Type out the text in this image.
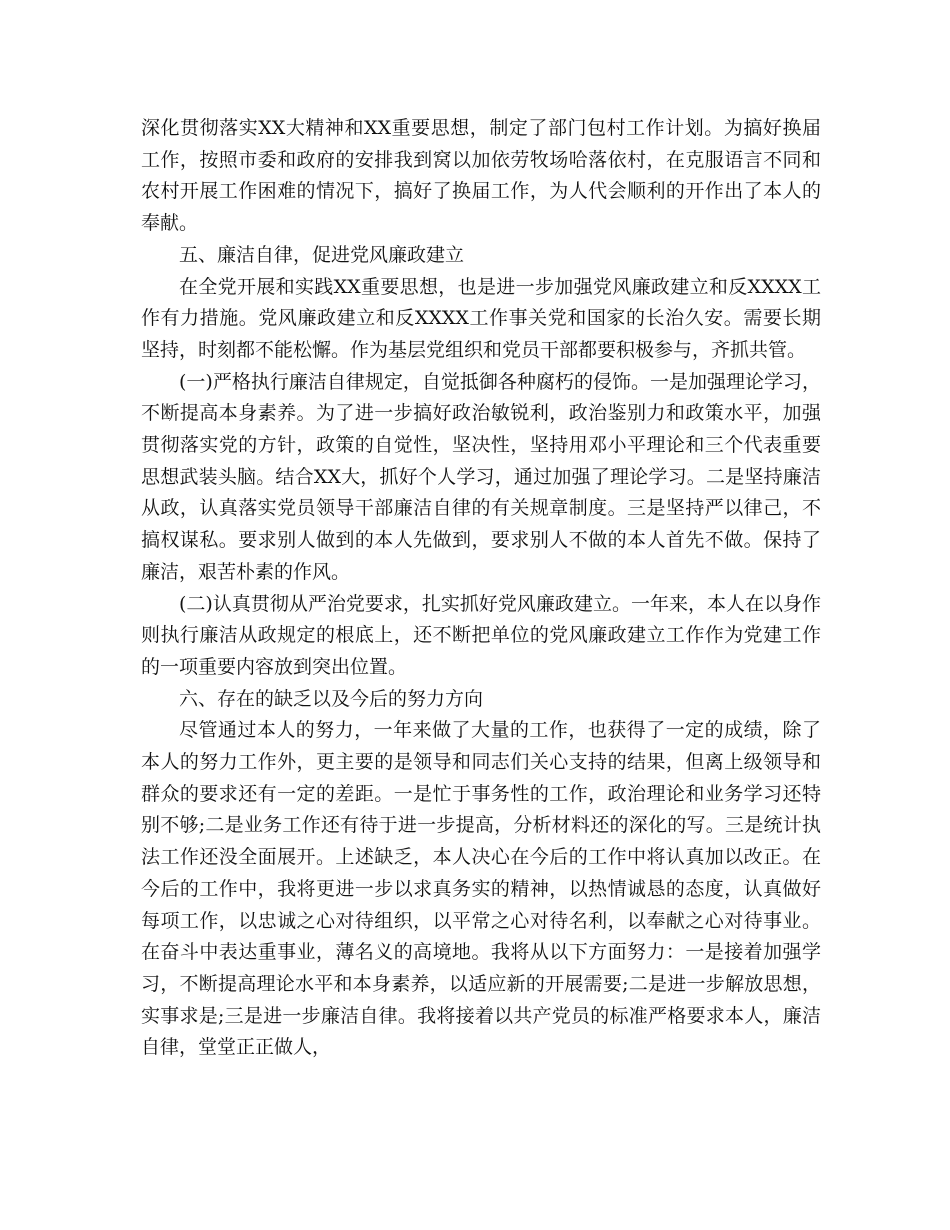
深化贯彻落实XX大精神和XX重要思想，制定了部门包村工作计划。为搞好换届工作，按照市委和政府的安排我到窝以加依劳牧场哈落依村，在克服语言不同和农村开展工作困难的情况下，搞好了换届工作，为人代会顺利的开作出了本人的奉献。

五、廉洁自律，促进党风廉政建立

在全党开展和实践XX重要思想，也是进一步加强党风廉政建立和反XXXX工作有力措施。党风廉政建立和反XXXX工作事关党和国家的长治久安。需要长期坚持，时刻都不能松懈。作为基层党组织和党员干部都要积极参与，齐抓共管。

(一)严格执行廉洁自律规定，自觉抵御各种腐朽的侵饰。一是加强理论学习，不断提高本身素养。为了进一步搞好政治敏锐利，政治鉴别力和政策水平，加强贯彻落实党的方针，政策的自觉性，坚决性，坚持用邓小平理论和三个代表重要思想武装头脑。结合XX大，抓好个人学习，通过加强了理论学习。二是坚持廉洁从政，认真落实党员领导干部廉洁自律的有关规章制度。三是坚持严以律己，不搞权谋私。要求别人做到的本人先做到，要求别人不做的本人首先不做。保持了廉洁，艰苦朴素的作风。

(二)认真贯彻从严治党要求，扎实抓好党风廉政建立。一年来，本人在以身作则执行廉洁从政规定的根底上，还不断把单位的党风廉政建立工作作为党建工作的一项重要内容放到突出位置。

六、存在的缺乏以及今后的努力方向

尽管通过本人的努力，一年来做了大量的工作，也获得了一定的成绩，除了本人的努力工作外，更主要的是领导和同志们关心支持的结果，但离上级领导和群众的要求还有一定的差距。一是忙于事务性的工作，政治理论和业务学习还特别不够;二是业务工作还有待于进一步提高，分析材料还的深化的写。三是统计执法工作还没全面展开。上述缺乏，本人决心在今后的工作中将认真加以改正。在今后的工作中，我将更进一步以求真务实的精神，以热情诚恳的态度，认真做好每项工作，以忠诚之心对待组织，以平常之心对待名利，以奉献之心对待事业。在奋斗中表达重事业，薄名义的高境地。我将从以下方面努力：一是接着加强学习，不断提高理论水平和本身素养，以适应新的开展需要;二是进一步解放思想，实事求是;三是进一步廉洁自律。我将接着以共产党员的标准严格要求本人，廉洁自律，堂堂正正做人，
